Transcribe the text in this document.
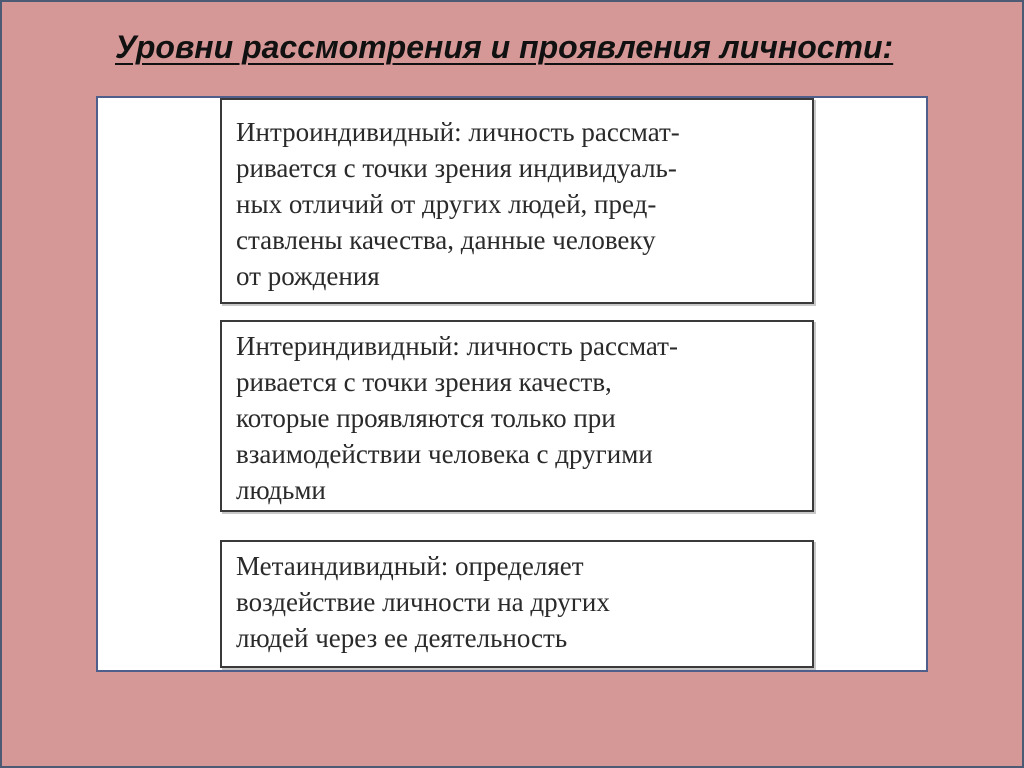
Уровни рассмотрения и проявления личности:
Интроиндивидный: личность рассмат-
ривается с точки зрения индивидуаль-
ных отличий от других людей, пред-
ставлены качества, данные человеку
от рождения
Интериндивидный: личность рассмат-
ривается с точки зрения качеств,
которые проявляются только при
взаимодействии человека с другими
людьми
Метаиндивидный: определяет
воздействие личности на других
людей через ее деятельность
